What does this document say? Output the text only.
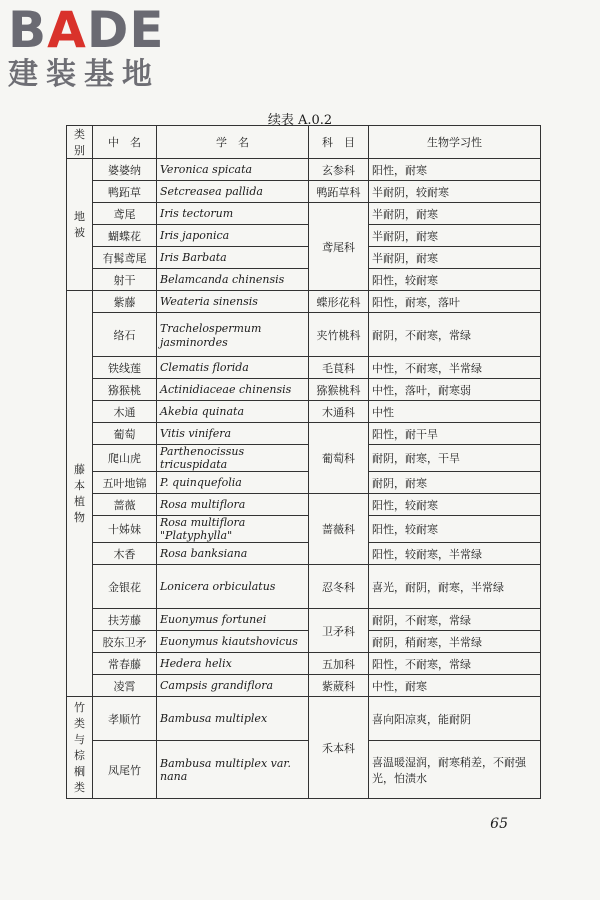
BADE
建装基地
续表 A.0.2
类别	中　名	学　名	科　目	生物学习性
地被	婆婆纳	Veronica spicata	玄参科	阳性，耐寒
	鸭跖草	Setcreasea pallida	鸭跖草科	半耐阴，较耐寒
	鸢尾	Iris tectorum	鸢尾科	半耐阴，耐寒
	蝴蝶花	Iris japonica		半耐阴，耐寒
	有髯鸢尾	Iris Barbata		半耐阴，耐寒
	射干	Belamcanda chinensis		阳性，较耐寒
藤本植物	紫藤	Weateria sinensis	蝶形花科	阳性，耐寒，落叶
	络石	Trachelospermum　　jasminordes	夹竹桃科	耐阴，不耐寒，常绿
	铁线莲	Clematis florida	毛茛科	中性，不耐寒，半常绿
	猕猴桃	Actinidiaceae chinensis	猕猴桃科	中性，落叶，耐寒弱
	木通	Akebia quinata	木通科	中性
	葡萄	Vitis vinifera	葡萄科	阳性，耐干旱
	爬山虎	Parthenocissus tricuspidata		耐阴，耐寒，干旱
	五叶地锦	P. quinquefolia		耐阴，耐寒
	蔷薇	Rosa multiflora	蔷薇科	阳性，较耐寒
	十姊妹	Rosa multiflora "Platyphylla"		阳性，较耐寒
	木香	Rosa banksiana		阳性，较耐寒，半常绿
	金银花	Lonicera orbiculatus	忍冬科	喜光，耐阴，耐寒，半常绿
	扶芳藤	Euonymus fortunei	卫矛科	耐阴，不耐寒，常绿
	胶东卫矛	Euonymus kiautshovicus		耐阴，稍耐寒，半常绿
	常春藤	Hedera helix	五加科	阳性，不耐寒，常绿
	凌霄	Campsis grandiflora	紫葳科	中性，耐寒
竹类与棕榈类	孝顺竹	Bambusa multiplex	禾本科	喜向阳凉爽，能耐阴
	凤尾竹	Bambusa multiplex var. nana		喜温暖湿润，耐寒稍差，不耐强光，怕渍水
65
